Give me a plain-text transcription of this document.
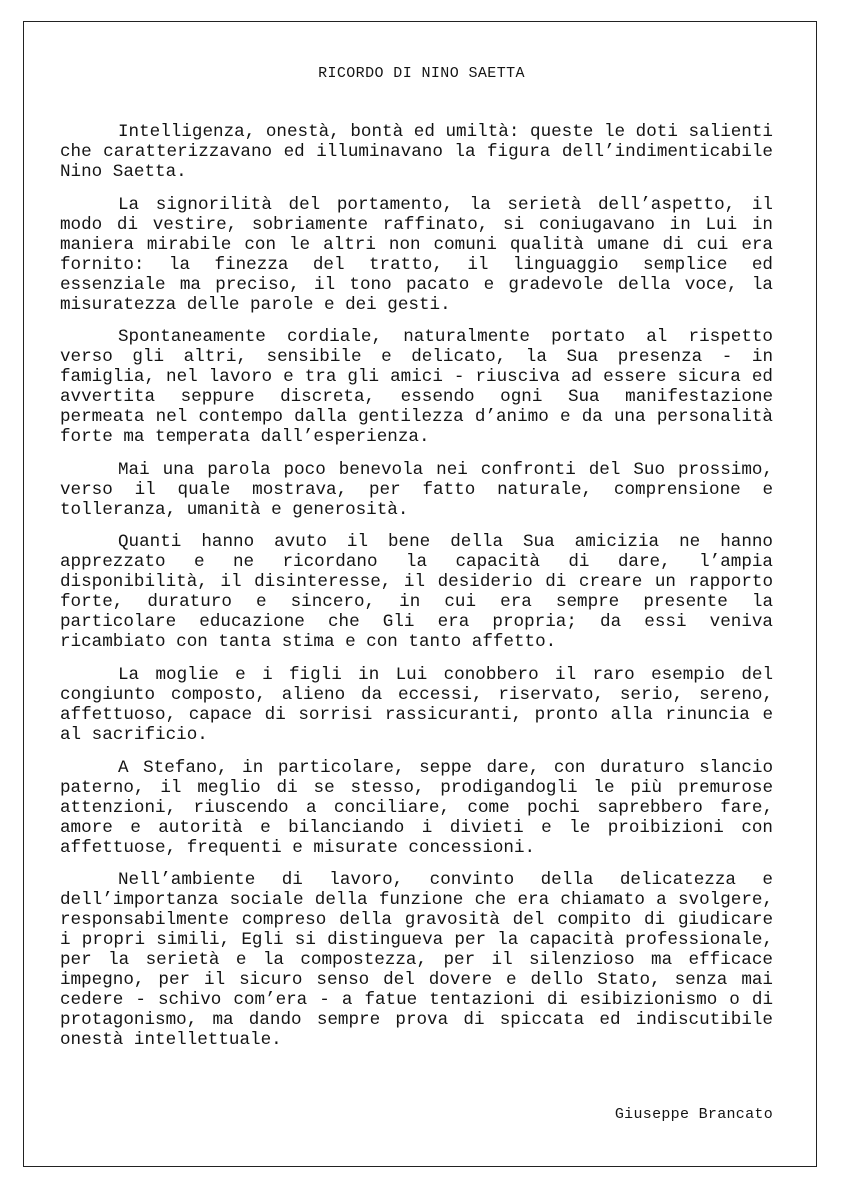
RICORDO DI NINO SAETTA

Intelligenza, onestà, bontà ed umiltà: queste le doti salienti che caratterizzavano ed illuminavano la figura dell’indimenticabile Nino Saetta.

La signorilità del portamento, la serietà dell’aspetto, il modo di vestire, sobriamente raffinato, si coniugavano in Lui in maniera mirabile con le altri non comuni qualità umane di cui era fornito: la finezza del tratto, il linguaggio semplice ed essenziale ma preciso, il tono pacato e gradevole della voce, la misuratezza delle parole e dei gesti.

Spontaneamente cordiale, naturalmente portato al rispetto verso gli altri, sensibile e delicato, la Sua presenza - in famiglia, nel lavoro e tra gli amici - riusciva ad essere sicura ed avvertita seppure discreta, essendo ogni Sua manifestazione permeata nel contempo dalla gentilezza d’animo e da una personalità forte ma temperata dall’esperienza.

Mai una parola poco benevola nei confronti del Suo prossimo, verso il quale mostrava, per fatto naturale, comprensione e tolleranza, umanità e generosità.

Quanti hanno avuto il bene della Sua amicizia ne hanno apprezzato e ne ricordano la capacità di dare, l’ampia disponibilità, il disinteresse, il desiderio di creare un rapporto forte, duraturo e sincero, in cui era sempre presente la particolare educazione che Gli era propria; da essi veniva ricambiato con tanta stima e con tanto affetto.

La moglie e i figli in Lui conobbero il raro esempio del congiunto composto, alieno da eccessi, riservato, serio, sereno, affettuoso, capace di sorrisi rassicuranti, pronto alla rinuncia e al sacrificio.

A Stefano, in particolare, seppe dare, con duraturo slancio paterno, il meglio di se stesso, prodigandogli le più premurose attenzioni, riuscendo a conciliare, come pochi saprebbero fare, amore e autorità e bilanciando i divieti e le proibizioni con affettuose, frequenti e misurate concessioni.

Nell’ambiente di lavoro, convinto della delicatezza e dell’importanza sociale della funzione che era chiamato a svolgere, responsabilmente compreso della gravosità del compito di giudicare i propri simili, Egli si distingueva per la capacità professionale, per la serietà e la compostezza, per il silenzioso ma efficace impegno, per il sicuro senso del dovere e dello Stato, senza mai cedere - schivo com’era - a fatue tentazioni di esibizionismo o di protagonismo, ma dando sempre prova di spiccata ed indiscutibile onestà intellettuale.

Giuseppe Brancato
